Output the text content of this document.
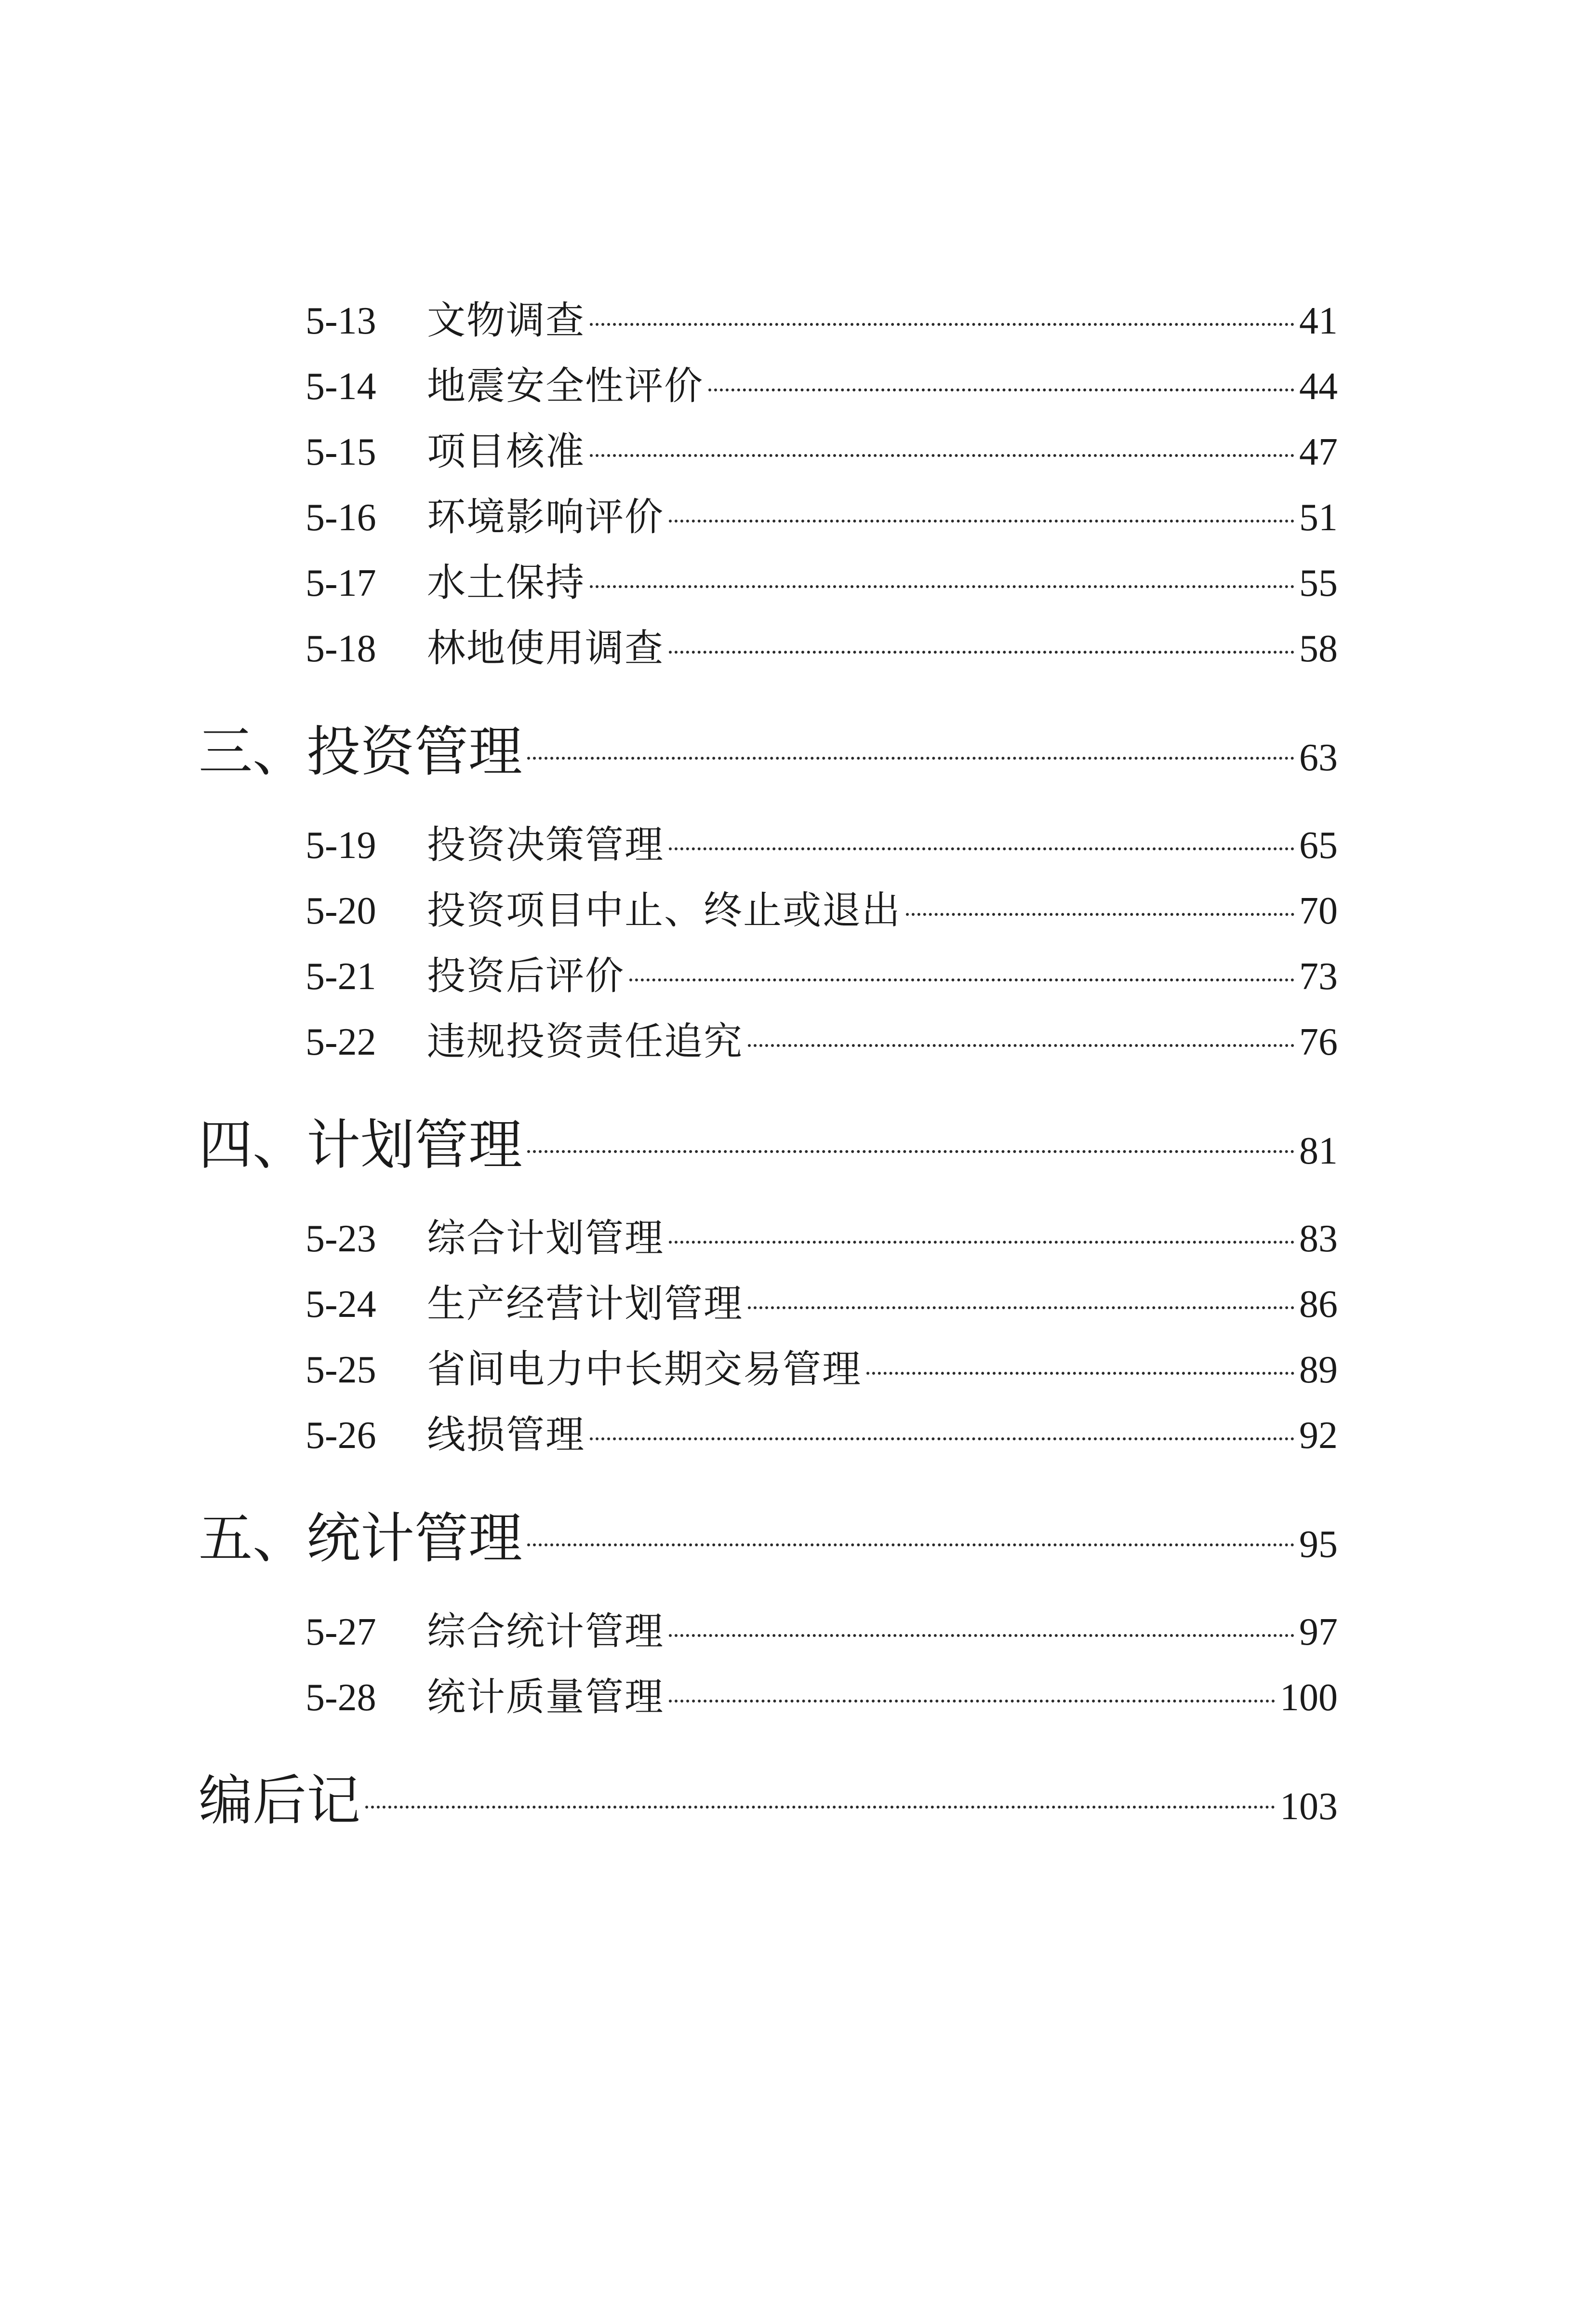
5-13	文物调查	41
5-14	地震安全性评价	44
5-15	项目核准	47
5-16	环境影响评价	51
5-17	水土保持	55
5-18	林地使用调查	58
三、投资管理	63
5-19	投资决策管理	65
5-20	投资项目中止、终止或退出	70
5-21	投资后评价	73
5-22	违规投资责任追究	76
四、计划管理	81
5-23	综合计划管理	83
5-24	生产经营计划管理	86
5-25	省间电力中长期交易管理	89
5-26	线损管理	92
五、统计管理	95
5-27	综合统计管理	97
5-28	统计质量管理	100
编后记	103
